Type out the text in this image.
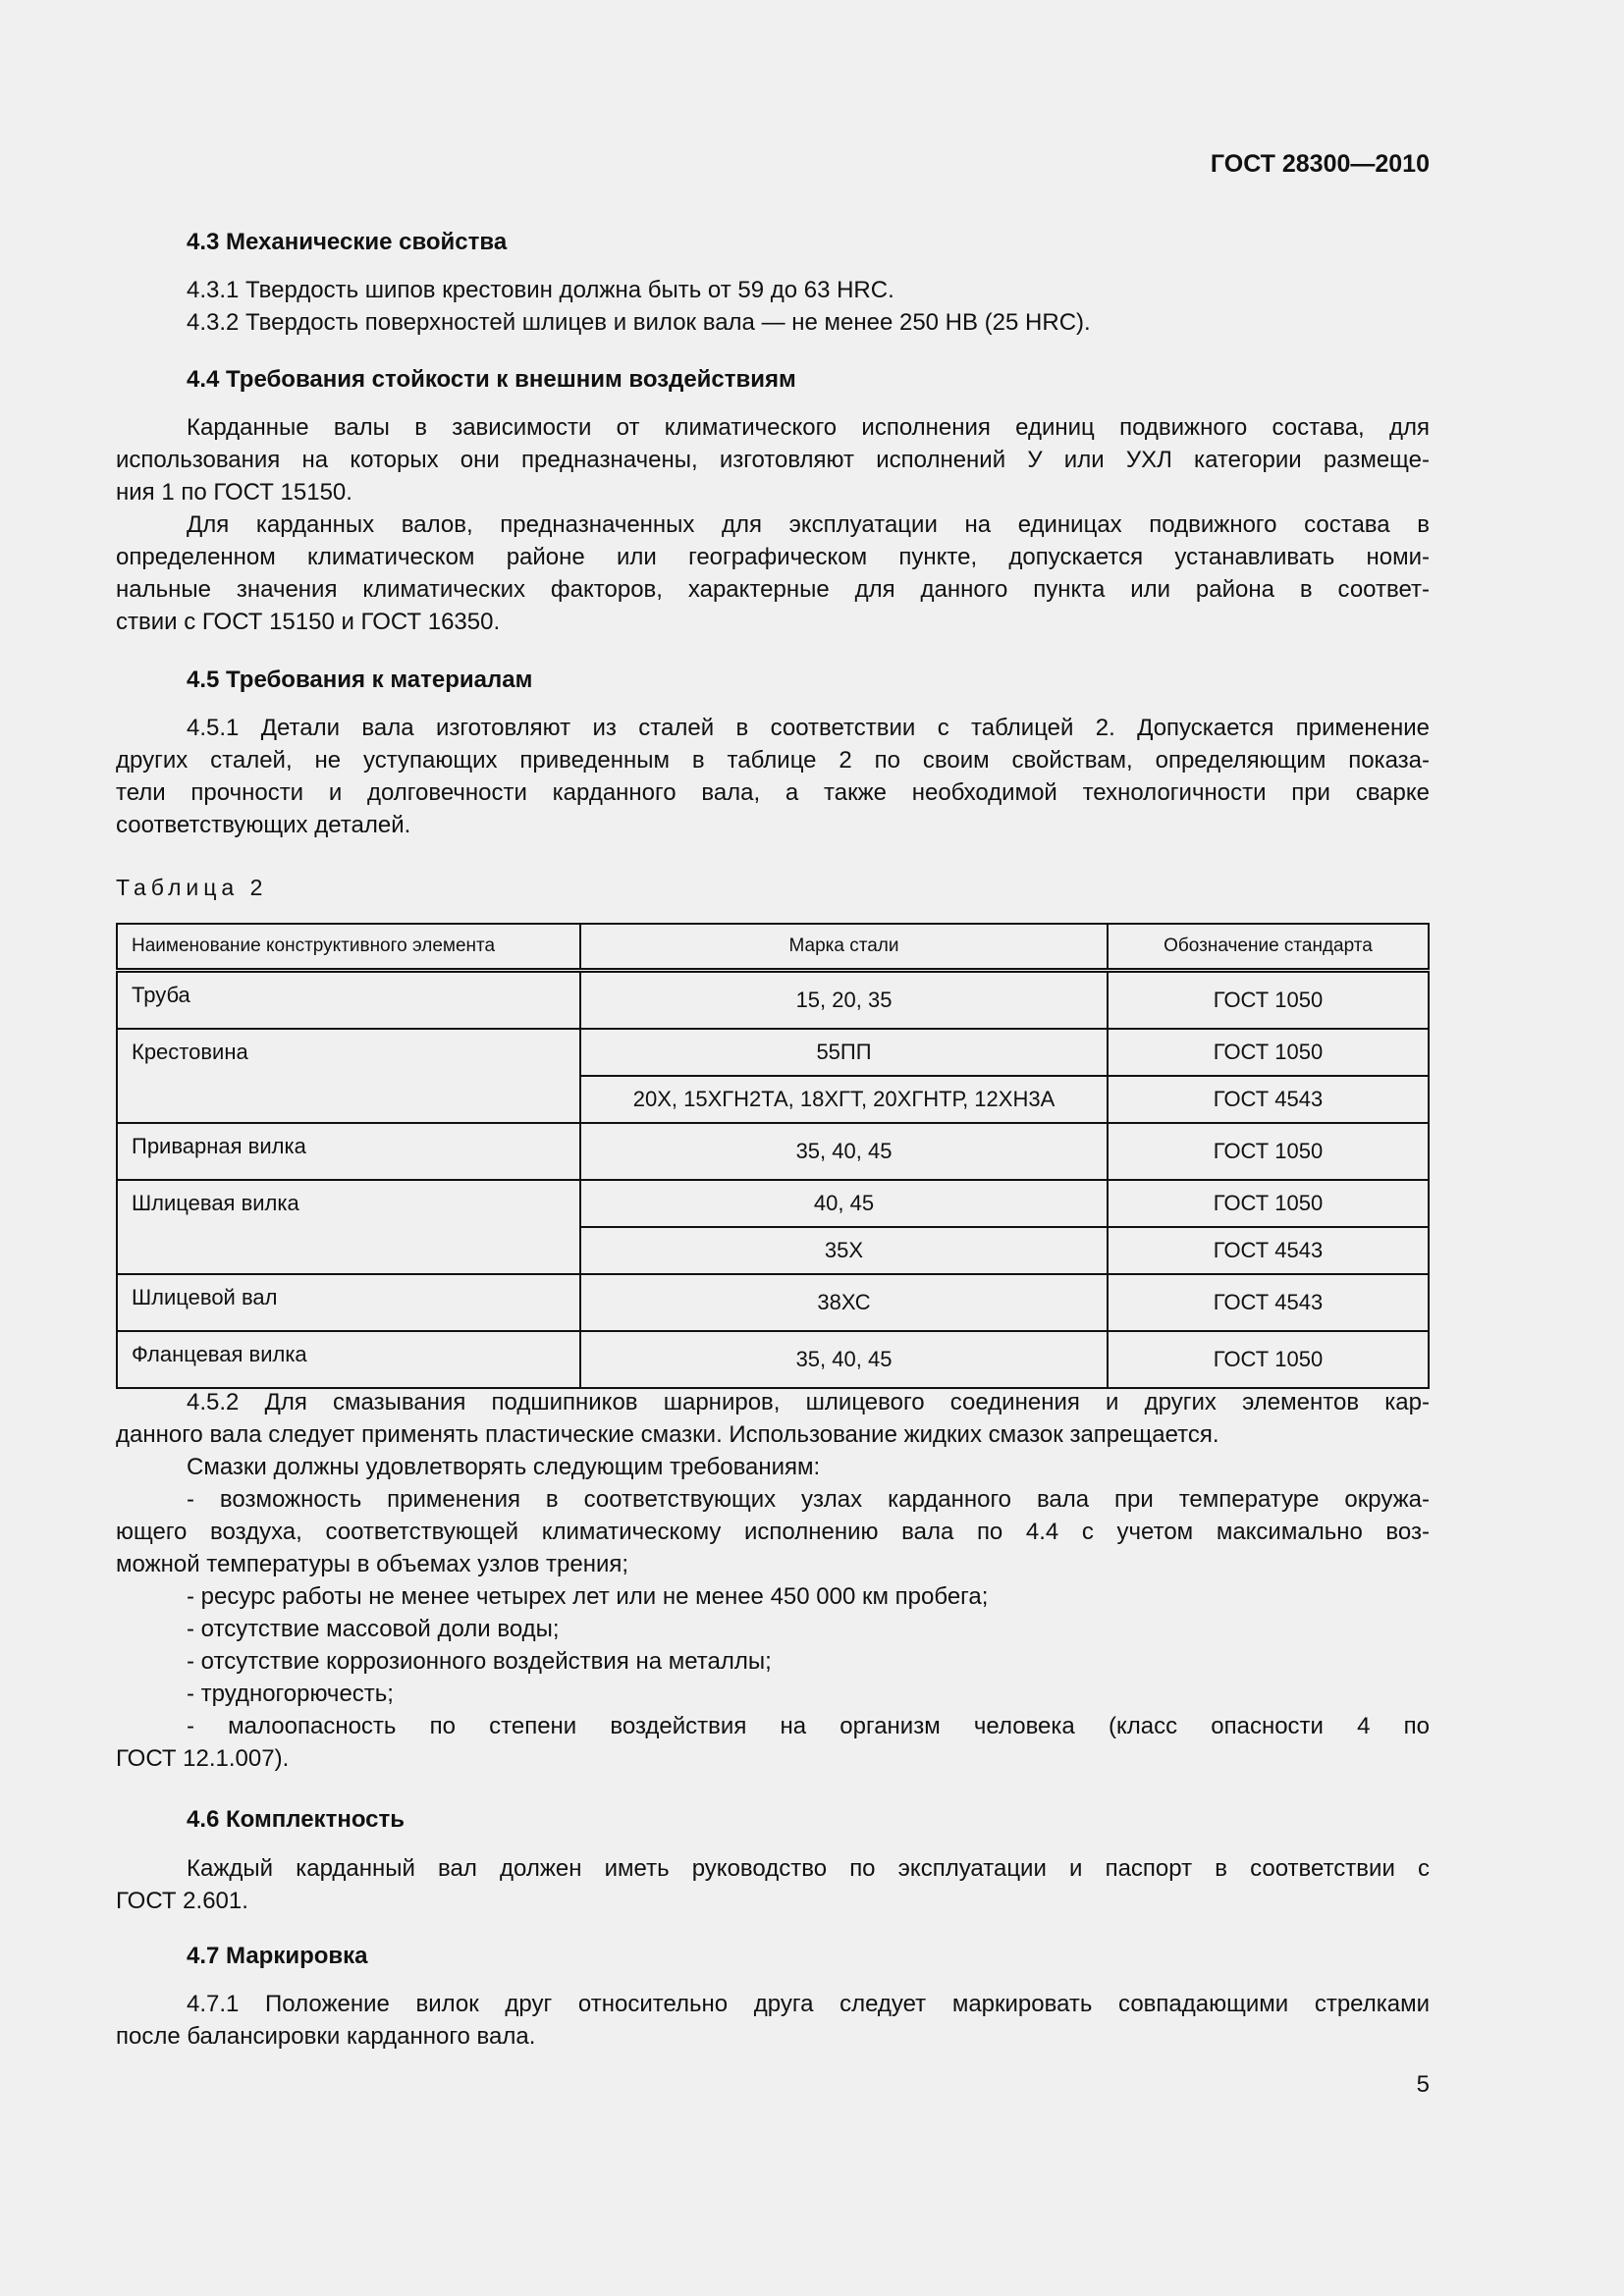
ГОСТ 28300—2010
4.3 Механические свойства
4.3.1 Твердость шипов крестовин должна быть от 59 до 63 HRC.
4.3.2 Твердость поверхностей шлицев и вилок вала — не менее 250 НВ (25 HRC).
4.4 Требования стойкости к внешним воздействиям
Карданные валы в зависимости от климатического исполнения единиц подвижного состава, для
использования на которых они предназначены, изготовляют исполнений У или УХЛ категории размеще-
ния 1 по ГОСТ 15150.
Для карданных валов, предназначенных для эксплуатации на единицах подвижного состава в
определенном климатическом районе или географическом пункте, допускается устанавливать номи-
нальные значения климатических факторов, характерные для данного пункта или района в соответ-
ствии с ГОСТ 15150 и ГОСТ 16350.
4.5 Требования к материалам
4.5.1 Детали вала изготовляют из сталей в соответствии с таблицей 2. Допускается применение
других сталей, не уступающих приведенным в таблице 2 по своим свойствам, определяющим показа-
тели прочности и долговечности карданного вала, а также необходимой технологичности при сварке
соответствующих деталей.
Таблица 2
Наименование конструктивного элемента	Марка стали	Обозначение стандарта
Труба	15, 20, 35	ГОСТ 1050
Крестовина	55ПП	ГОСТ 1050
	20Х, 15ХГН2ТА, 18ХГТ, 20ХГНТР, 12ХН3А	ГОСТ 4543
Приварная вилка	35, 40, 45	ГОСТ 1050
Шлицевая вилка	40, 45	ГОСТ 1050
	35Х	ГОСТ 4543
Шлицевой вал	38ХС	ГОСТ 4543
Фланцевая вилка	35, 40, 45	ГОСТ 1050
4.5.2 Для смазывания подшипников шарниров, шлицевого соединения и других элементов кар-
данного вала следует применять пластические смазки. Использование жидких смазок запрещается.
Смазки должны удовлетворять следующим требованиям:
- возможность применения в соответствующих узлах карданного вала при температуре окружа-
ющего воздуха, соответствующей климатическому исполнению вала по 4.4 с учетом максимально воз-
можной температуры в объемах узлов трения;
- ресурс работы не менее четырех лет или не менее 450 000 км пробега;
- отсутствие массовой доли воды;
- отсутствие коррозионного воздействия на металлы;
- трудногорючесть;
- малоопасность по степени воздействия на организм человека (класс опасности 4 по
ГОСТ 12.1.007).
4.6 Комплектность
Каждый карданный вал должен иметь руководство по эксплуатации и паспорт в соответствии с
ГОСТ 2.601.
4.7 Маркировка
4.7.1 Положение вилок друг относительно друга следует маркировать совпадающими стрелками
после балансировки карданного вала.
5
